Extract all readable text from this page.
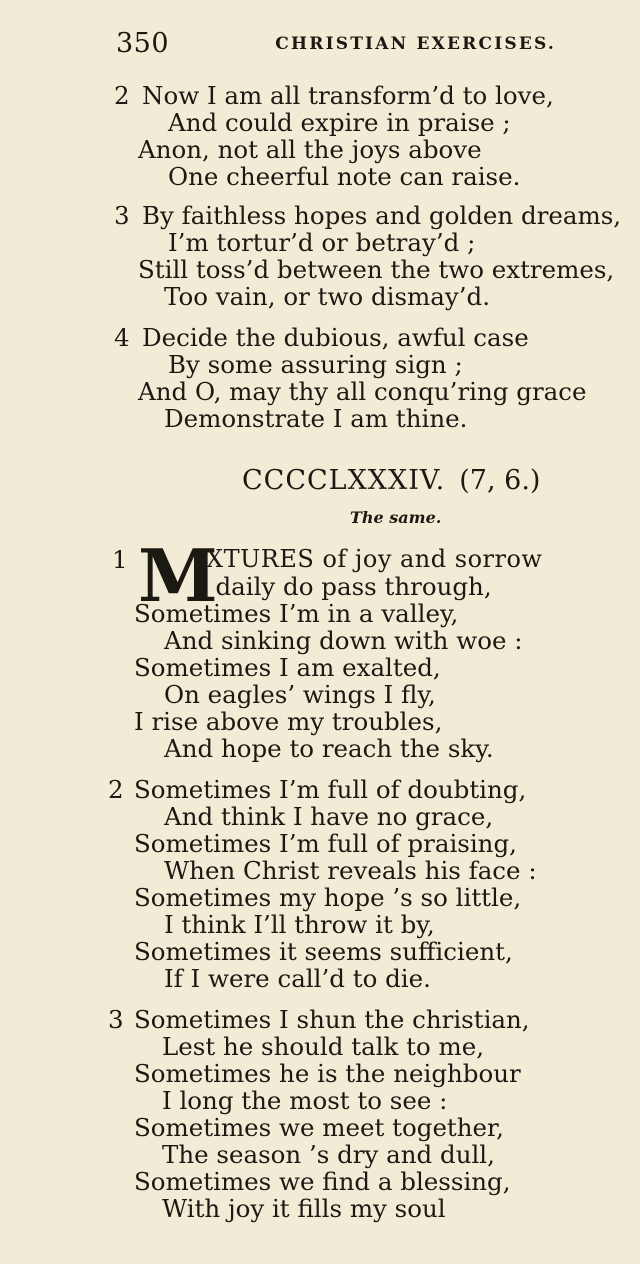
350	CHRISTIAN EXERCISES.
2 Now I am all transform’d to love,
And could expire in praise ;
Anon, not all the joys above
One cheerful note can raise.
3 By faithless hopes and golden dreams,
I’m tortur’d or betray’d ;
Still toss’d between the two extremes,
Too vain, or two dismay’d.
4 Decide the dubious, awful case
By some assuring sign ;
And O, may thy all conqu’ring grace
Demonstrate I am thine.
CCCCLXXXIV. (7, 6.)
The same.
1 M
IXTURES of joy and sorrow
I daily do pass through,
Sometimes I’m in a valley,
And sinking down with woe :
Sometimes I am exalted,
On eagles’ wings I fly,
I rise above my troubles,
And hope to reach the sky.
2 Sometimes I’m full of doubting,
And think I have no grace,
Sometimes I’m full of praising,
When Christ reveals his face :
Sometimes my hope ’s so little,
I think I’ll throw it by,
Sometimes it seems sufficient,
If I were call’d to die.
3 Sometimes I shun the christian,
Lest he should talk to me,
Sometimes he is the neighbour
I long the most to see :
Sometimes we meet together,
The season ’s dry and dull,
Sometimes we find a blessing,
With joy it fills my soul
